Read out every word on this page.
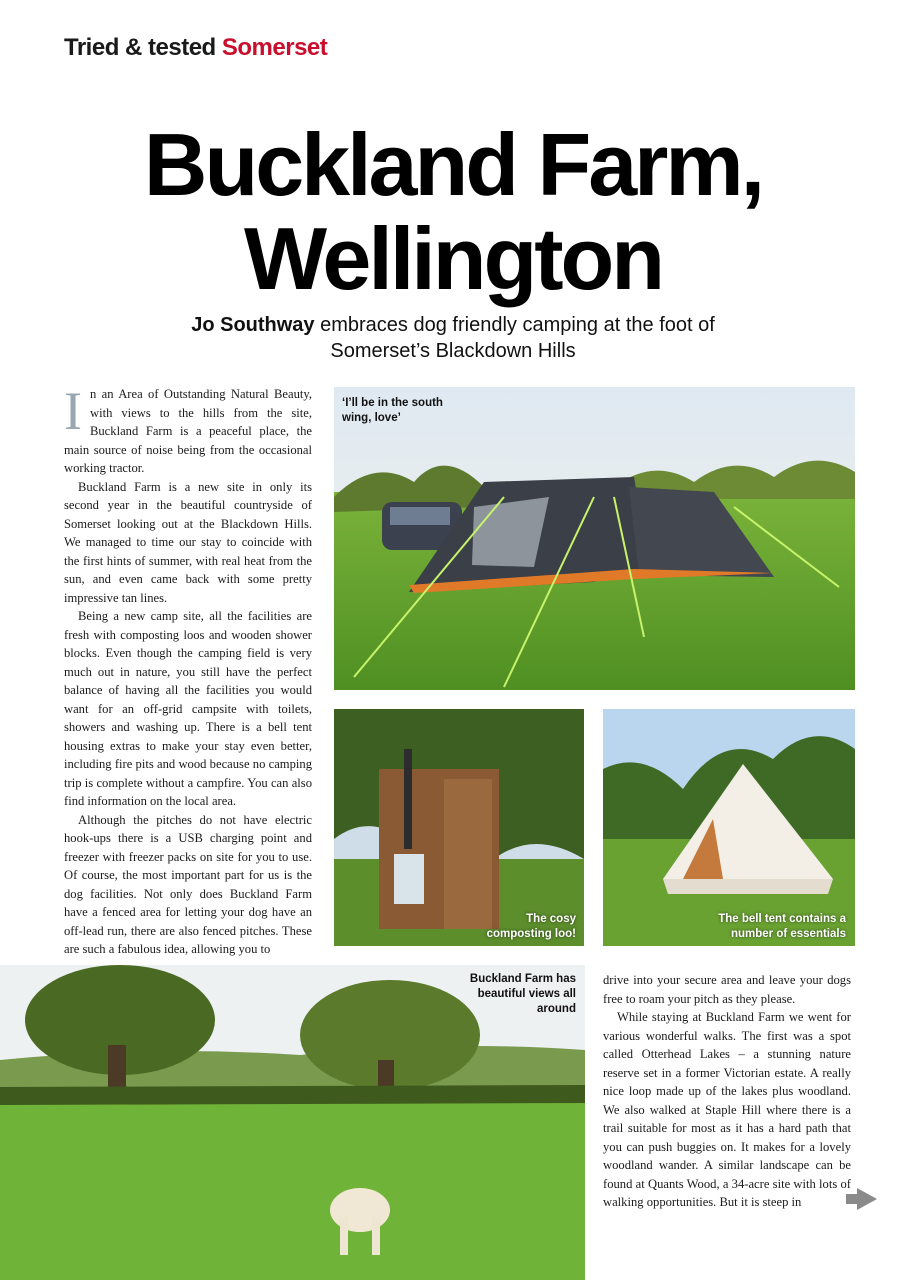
Tried & tested Somerset
Buckland Farm,
Wellington
Jo Southway embraces dog friendly camping at the foot of Somerset’s Blackdown Hills

In an Area of Outstanding Natural Beauty, with views to the hills from the site, Buckland Farm is a peaceful place, the main source of noise being from the occasional working tractor.

Buckland Farm is a new site in only its second year in the beautiful countryside of Somerset looking out at the Blackdown Hills. We managed to time our stay to coincide with the first hints of summer, with real heat from the sun, and even came back with some pretty impressive tan lines.

Being a new camp site, all the facilities are fresh with composting loos and wooden shower blocks. Even though the camping field is very much out in nature, you still have the perfect balance of having all the facilities you would want for an off-grid campsite with toilets, showers and washing up. There is a bell tent housing extras to make your stay even better, including fire pits and wood because no camping trip is complete without a campfire. You can also find information on the local area.

Although the pitches do not have electric hook-ups there is a USB charging point and freezer with freezer packs on site for you to use. Of course, the most important part for us is the dog facilities. Not only does Buckland Farm have a fenced area for letting your dog have an off-lead run, there are also fenced pitches. These are such a fabulous idea, allowing you to

‘I’ll be in the south wing, love’
The cosy composting loo!
The bell tent contains a number of essentials
Buckland Farm has beautiful views all around

drive into your secure area and leave your dogs free to roam your pitch as they please.

While staying at Buckland Farm we went for various wonderful walks. The first was a spot called Otterhead Lakes – a stunning nature reserve set in a former Victorian estate. A really nice loop made up of the lakes plus woodland. We also walked at Staple Hill where there is a trail suitable for most as it has a hard path that you can push buggies on. It makes for a lovely woodland wander. A similar landscape can be found at Quants Wood, a 34-acre site with lots of walking opportunities. But it is steep in
